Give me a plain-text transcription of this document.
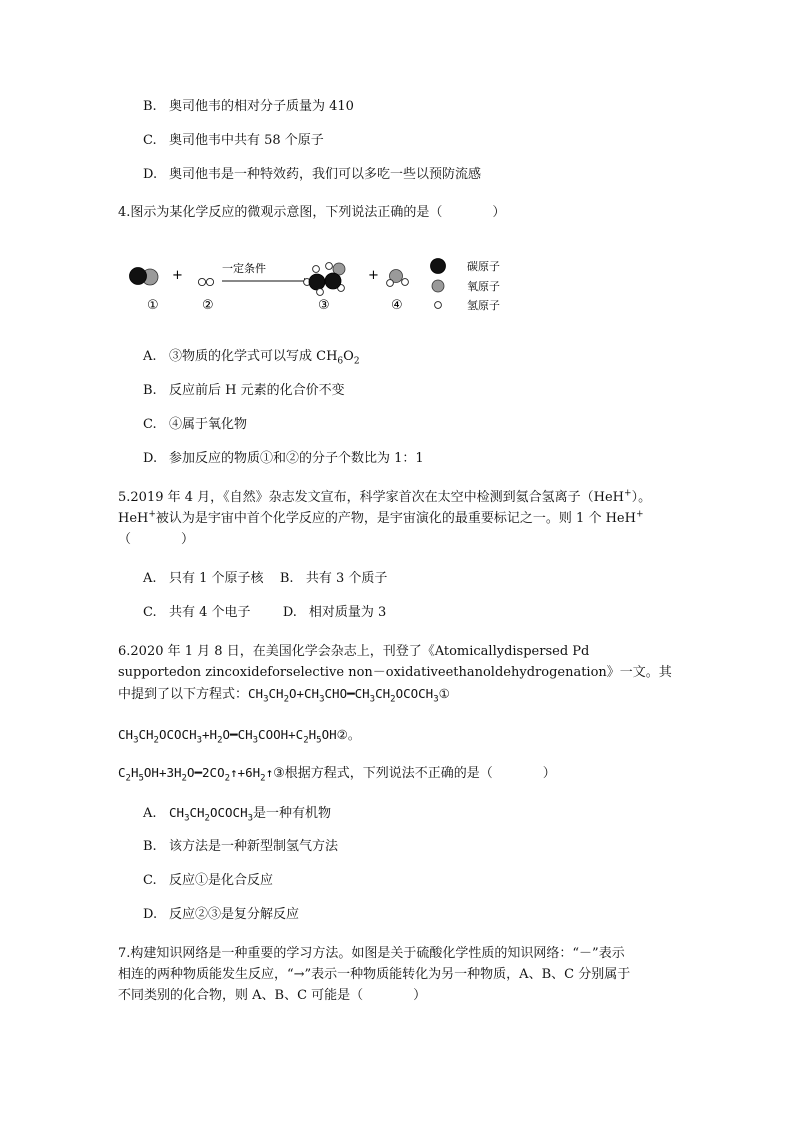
B. 奥司他韦的相对分子质量为 410
C. 奥司他韦中共有 58 个原子
D. 奥司他韦是一种特效药，我们可以多吃一些以预防流感
4.图示为某化学反应的微观示意图，下列说法正确的是（	）
+	一定条件	+
①	②	③	④
碳原子
氧原子
氢原子
A. ③物质的化学式可以写成 $CH_6O_2$
B. 反应前后 H 元素的化合价不变
C. ④属于氧化物
D. 参加反应的物质①和②的分子个数比为 1：1
5.2019 年 4 月，《自然》杂志发文宣布，科学家首次在太空中检测到氦合氢离子（HeH+）。
HeH+被认为是宇宙中首个化学反应的产物，是宇宙演化的最重要标记之一。则 1 个 HeH+
（	）
A. 只有 1 个原子核 B. 共有 3 个质子
C. 共有 4 个电子 D. 相对质量为 3
6.2020 年 1 月 8 日，在美国化学会杂志上，刊登了《Atomicallydispersed Pd
supportedon zincoxideforselective non－oxidativeethanoldehydrogenation》一文。其
中提到了以下方程式：$CH_3CH_2O+CH_3CHO━CH_3CH_2OCOCH_3①$
$CH_3CH_2OCOCH_3+H_2O━CH_3COOH+C_2H_5OH②$。
$C_2H_5OH+3H_2O━2CO_2↑+6H_2↑③$根据方程式，下列说法不正确的是（	）
A. $CH_3CH_2OCOCH_3$是一种有机物
B. 该方法是一种新型制氢气方法
C. 反应①是化合反应
D. 反应②③是复分解反应
7.构建知识网络是一种重要的学习方法。如图是关于硫酸化学性质的知识网络：“－”表示
相连的两种物质能发生反应，“→”表示一种物质能转化为另一种物质，A、B、C 分别属于
不同类别的化合物，则 A、B、C 可能是（	）
